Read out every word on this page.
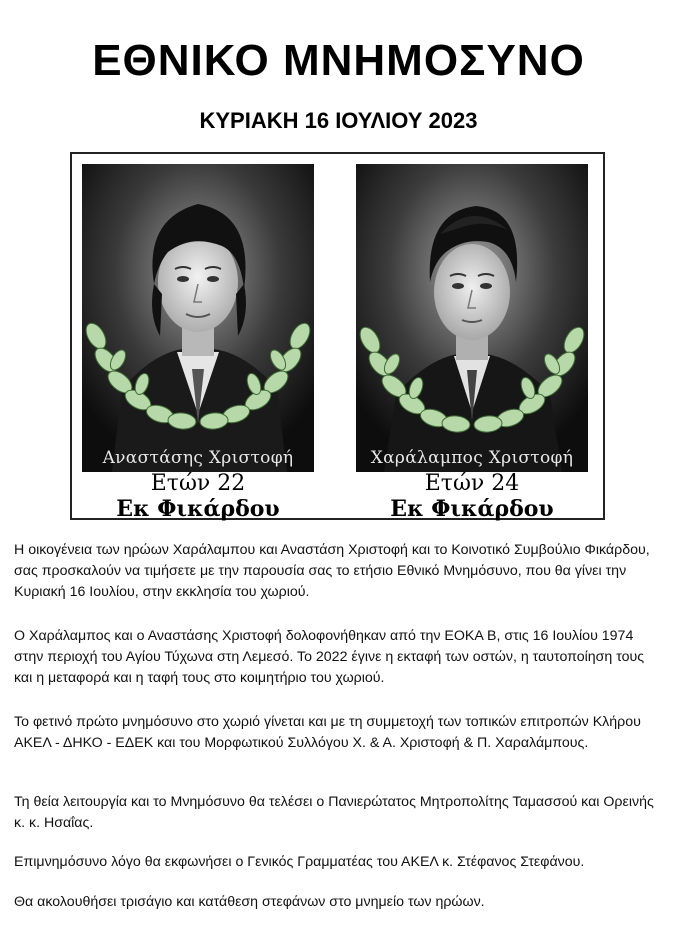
ΕΘΝΙΚΟ ΜΝΗΜΟΣΥΝΟ
ΚΥΡΙΑΚΗ 16 ΙΟΥΛΙΟΥ 2023
Αναστάσης Χριστοφή
Ετών 22
Εκ Φικάρδου
Χαράλαμπος Χριστοφή
Ετών 24
Εκ Φικάρδου

Η οικογένεια των ηρώων Χαράλαμπου και Αναστάση Χριστοφή και το Κοινοτικό Συμβούλιο Φικάρδου, σας προσκαλούν να τιμήσετε με την παρουσία σας το ετήσιο Εθνικό Μνημόσυνο, που θα γίνει την Κυριακή 16 Ιουλίου, στην εκκλησία του χωριού.

Ο Χαράλαμπος και ο Αναστάσης Χριστοφή δολοφονήθηκαν από την ΕΟΚΑ Β, στις 16 Ιουλίου 1974 στην περιοχή του Αγίου Τύχωνα στη Λεμεσό. Το 2022 έγινε η εκταφή των οστών, η ταυτοποίηση τους και η μεταφορά και η ταφή τους στο κοιμητήριο του χωριού.

Το φετινό πρώτο μνημόσυνο στο χωριό γίνεται και με τη συμμετοχή των τοπικών επιτροπών Κλήρου ΑΚΕΛ - ΔΗΚΟ - ΕΔΕΚ και του Μορφωτικού Συλλόγου Χ. & Α. Χριστοφή & Π. Χαραλάμπους.

Τη θεία λειτουργία και το Μνημόσυνο θα τελέσει ο Πανιερώτατος Μητροπολίτης Ταμασσού και Ορεινής κ. κ. Ησαΐας.

Επιμνημόσυνο λόγο θα εκφωνήσει ο Γενικός Γραμματέας του ΑΚΕΛ κ. Στέφανος Στεφάνου.

Θα ακολουθήσει τρισάγιο και κατάθεση στεφάνων στο μνημείο των ηρώων.
